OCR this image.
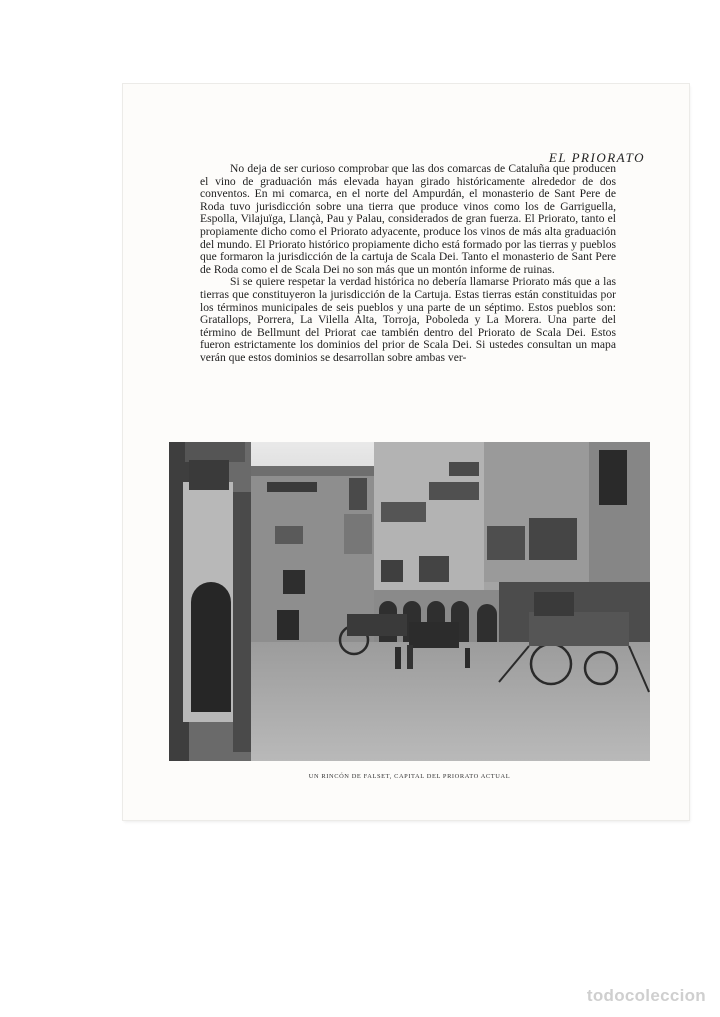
EL PRIORATO

No deja de ser curioso comprobar que las dos comarcas de Cataluña que producen el vino de graduación más elevada hayan girado históricamente alrededor de dos conventos. En mi comarca, en el norte del Ampurdán, el monasterio de Sant Pere de Roda tuvo jurisdicción sobre una tierra que produce vinos como los de Garriguella, Espolla, Vilajuïga, Llançà, Pau y Palau, considerados de gran fuerza. El Priorato, tanto el propiamente dicho como el Priorato adyacente, produce los vinos de más alta graduación del mundo. El Priorato histórico propiamente dicho está formado por las tierras y pueblos que formaron la jurisdicción de la cartuja de Scala Dei. Tanto el monasterio de Sant Pere de Roda como el de Scala Dei no son más que un montón informe de ruinas.

Si se quiere respetar la verdad histórica no debería llamarse Priorato más que a las tierras que constituyeron la jurisdicción de la Cartuja. Estas tierras están constituidas por los términos municipales de seis pueblos y una parte de un séptimo. Estos pueblos son: Gratallops, Porrera, La Vilella Alta, Torroja, Poboleda y La Morera. Una parte del término de Bellmunt del Priorat cae también dentro del Priorato de Scala Dei. Estos fueron estrictamente los dominios del prior de Scala Dei. Si ustedes consultan un mapa verán que estos dominios se desarrollan sobre ambas ver-

UN RINCÓN DE FALSET, CAPITAL DEL PRIORATO ACTUAL
todocoleccion
